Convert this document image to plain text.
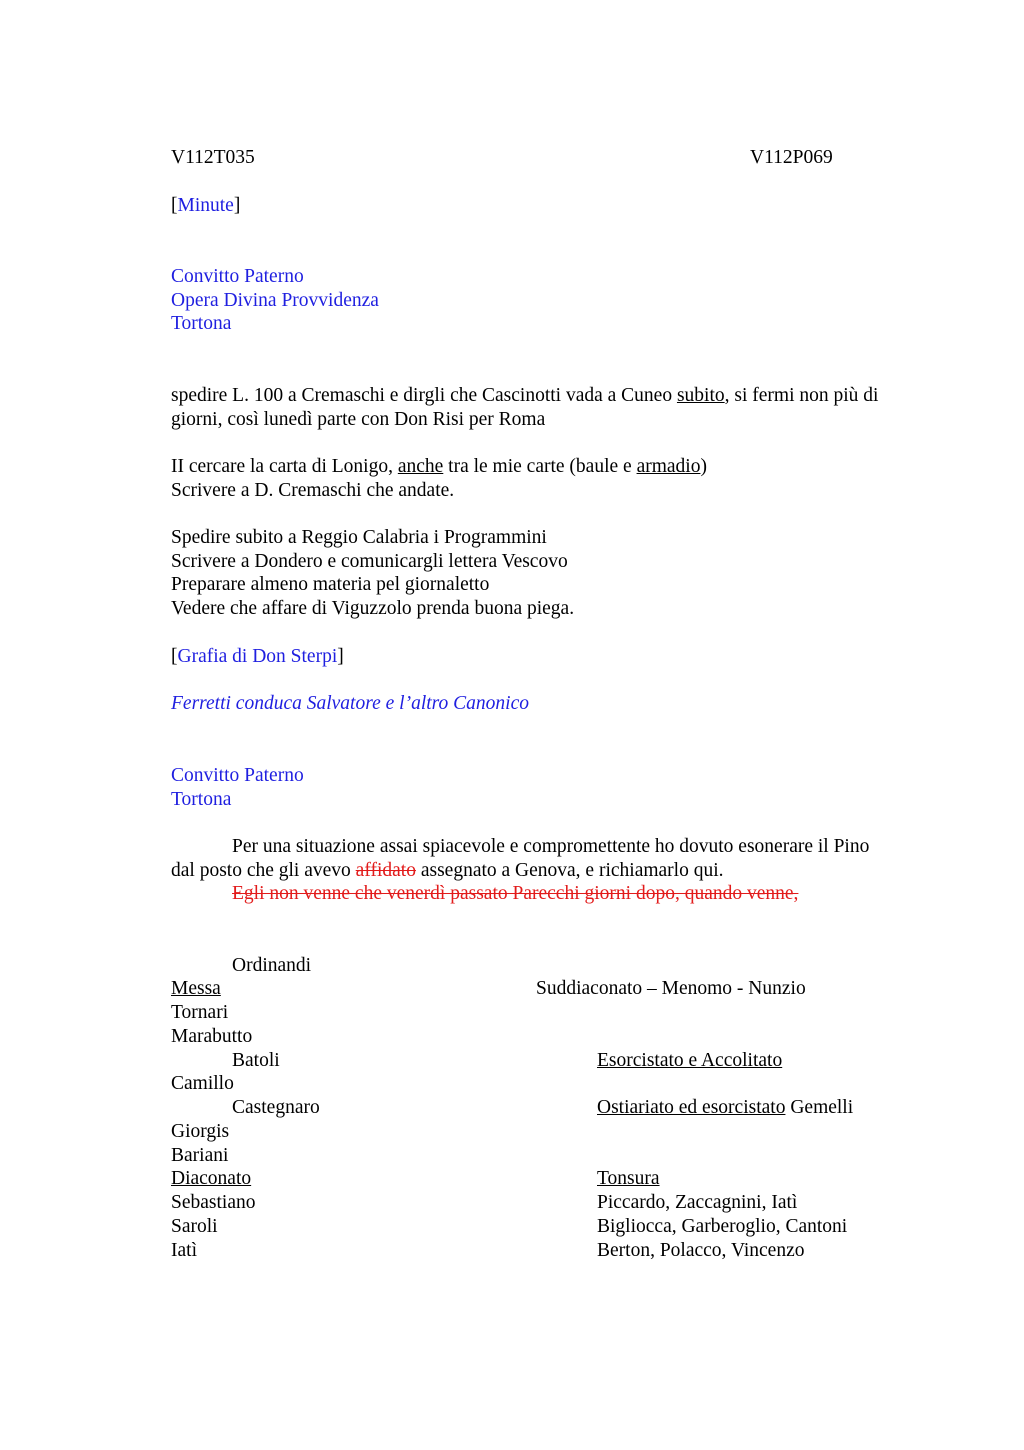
V112T035	V112P069
[Minute]
Convitto Paterno
Opera Divina Provvidenza
Tortona
spedire L. 100 a Cremaschi e dirgli che Cascinotti vada a Cuneo subito, si fermi non più di
giorni, così lunedì parte con Don Risi per Roma
II cercare la carta di Lonigo, anche tra le mie carte (baule e armadio)
Scrivere a D. Cremaschi che andate.
Spedire subito a Reggio Calabria i Programmini
Scrivere a Dondero e comunicargli lettera Vescovo
Preparare almeno materia pel giornaletto
Vedere che affare di Viguzzolo prenda buona piega.
[Grafia di Don Sterpi]
Ferretti conduca Salvatore e l’altro Canonico
Convitto Paterno
Tortona
Per una situazione assai spiacevole e compromettente ho dovuto esonerare il Pino
dal posto che gli avevo affidato assegnato a Genova, e richiamarlo qui.
Egli non venne che venerdì passato Parecchi giorni dopo, quando venne,
Ordinandi
Messa	Suddiaconato – Menomo - Nunzio
Tornari
Marabutto
Batoli	Esorcistato e Accolitato
Camillo
Castegnaro	Ostiariato ed esorcistato Gemelli
Giorgis
Bariani
Diaconato	Tonsura
Sebastiano	Piccardo, Zaccagnini, Iatì
Saroli	Bigliocca, Garberoglio, Cantoni
Iatì	Berton, Polacco, Vincenzo
